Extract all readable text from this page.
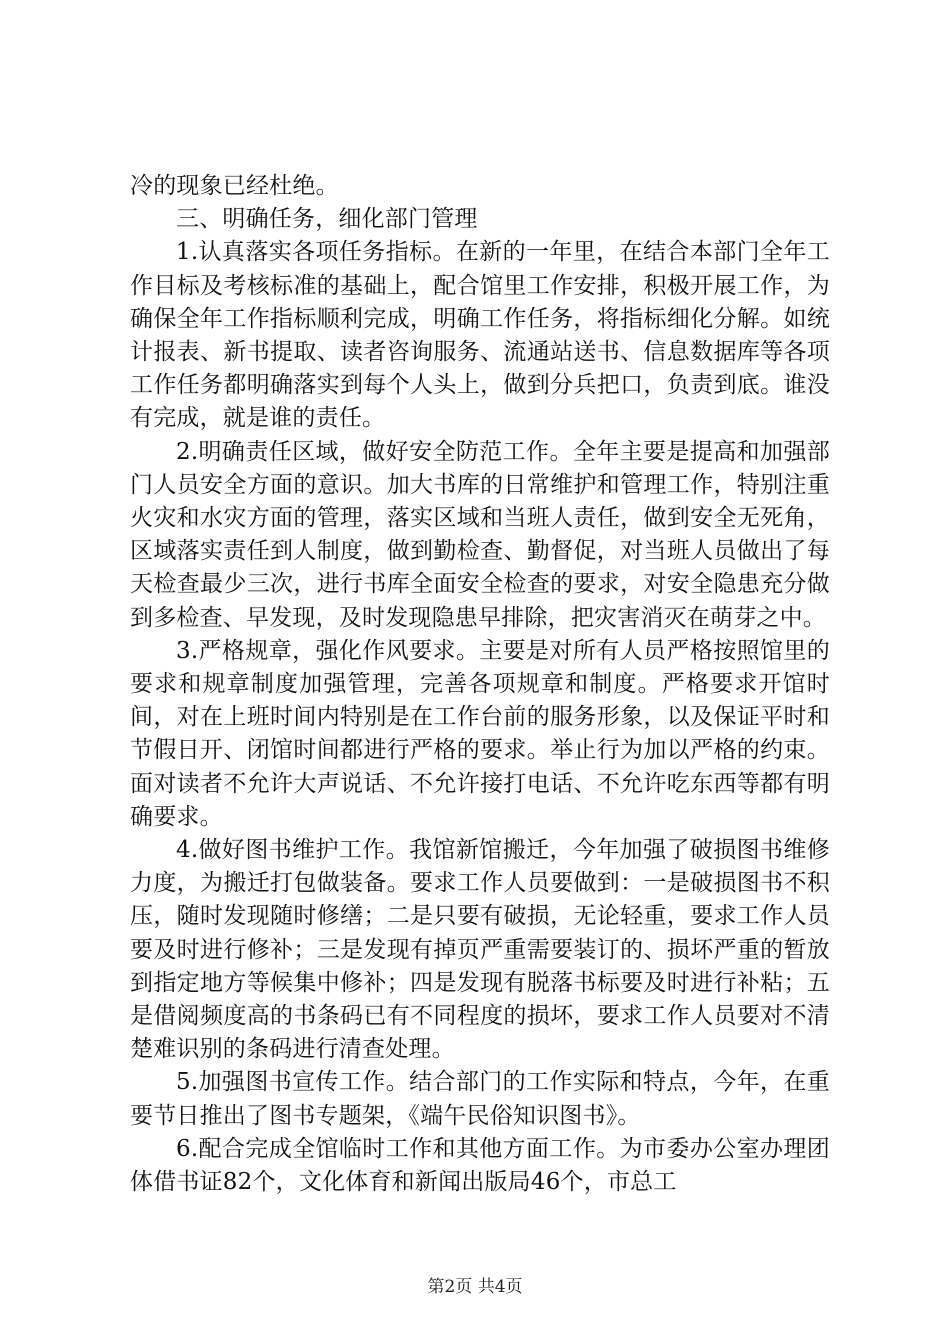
冷的现象已经杜绝。

三、明确任务，细化部门管理

1.认真落实各项任务指标。在新的一年里，在结合本部门全年工作目标及考核标准的基础上，配合馆里工作安排，积极开展工作，为确保全年工作指标顺利完成，明确工作任务，将指标细化分解。如统计报表、新书提取、读者咨询服务、流通站送书、信息数据库等各项工作任务都明确落实到每个人头上，做到分兵把口，负责到底。谁没有完成，就是谁的责任。

2.明确责任区域，做好安全防范工作。全年主要是提高和加强部门人员安全方面的意识。加大书库的日常维护和管理工作，特别注重火灾和水灾方面的管理，落实区域和当班人责任，做到安全无死角，区域落实责任到人制度，做到勤检查、勤督促，对当班人员做出了每天检查最少三次，进行书库全面安全检查的要求，对安全隐患充分做到多检查、早发现，及时发现隐患早排除，把灾害消灭在萌芽之中。

3.严格规章，强化作风要求。主要是对所有人员严格按照馆里的要求和规章制度加强管理，完善各项规章和制度。严格要求开馆时间，对在上班时间内特别是在工作台前的服务形象，以及保证平时和节假日开、闭馆时间都进行严格的要求。举止行为加以严格的约束。面对读者不允许大声说话、不允许接打电话、不允许吃东西等都有明确要求。

4.做好图书维护工作。我馆新馆搬迁，今年加强了破损图书维修力度，为搬迁打包做装备。要求工作人员要做到：一是破损图书不积压，随时发现随时修缮；二是只要有破损，无论轻重，要求工作人员要及时进行修补；三是发现有掉页严重需要装订的、损坏严重的暂放到指定地方等候集中修补；四是发现有脱落书标要及时进行补粘；五是借阅频度高的书条码已有不同程度的损坏，要求工作人员要对不清楚难识别的条码进行清查处理。

5.加强图书宣传工作。结合部门的工作实际和特点，今年，在重要节日推出了图书专题架，《端午民俗知识图书》。

6.配合完成全馆临时工作和其他方面工作。为市委办公室办理团体借书证82个，文化体育和新闻出版局46个，市总工

第2页 共4页
